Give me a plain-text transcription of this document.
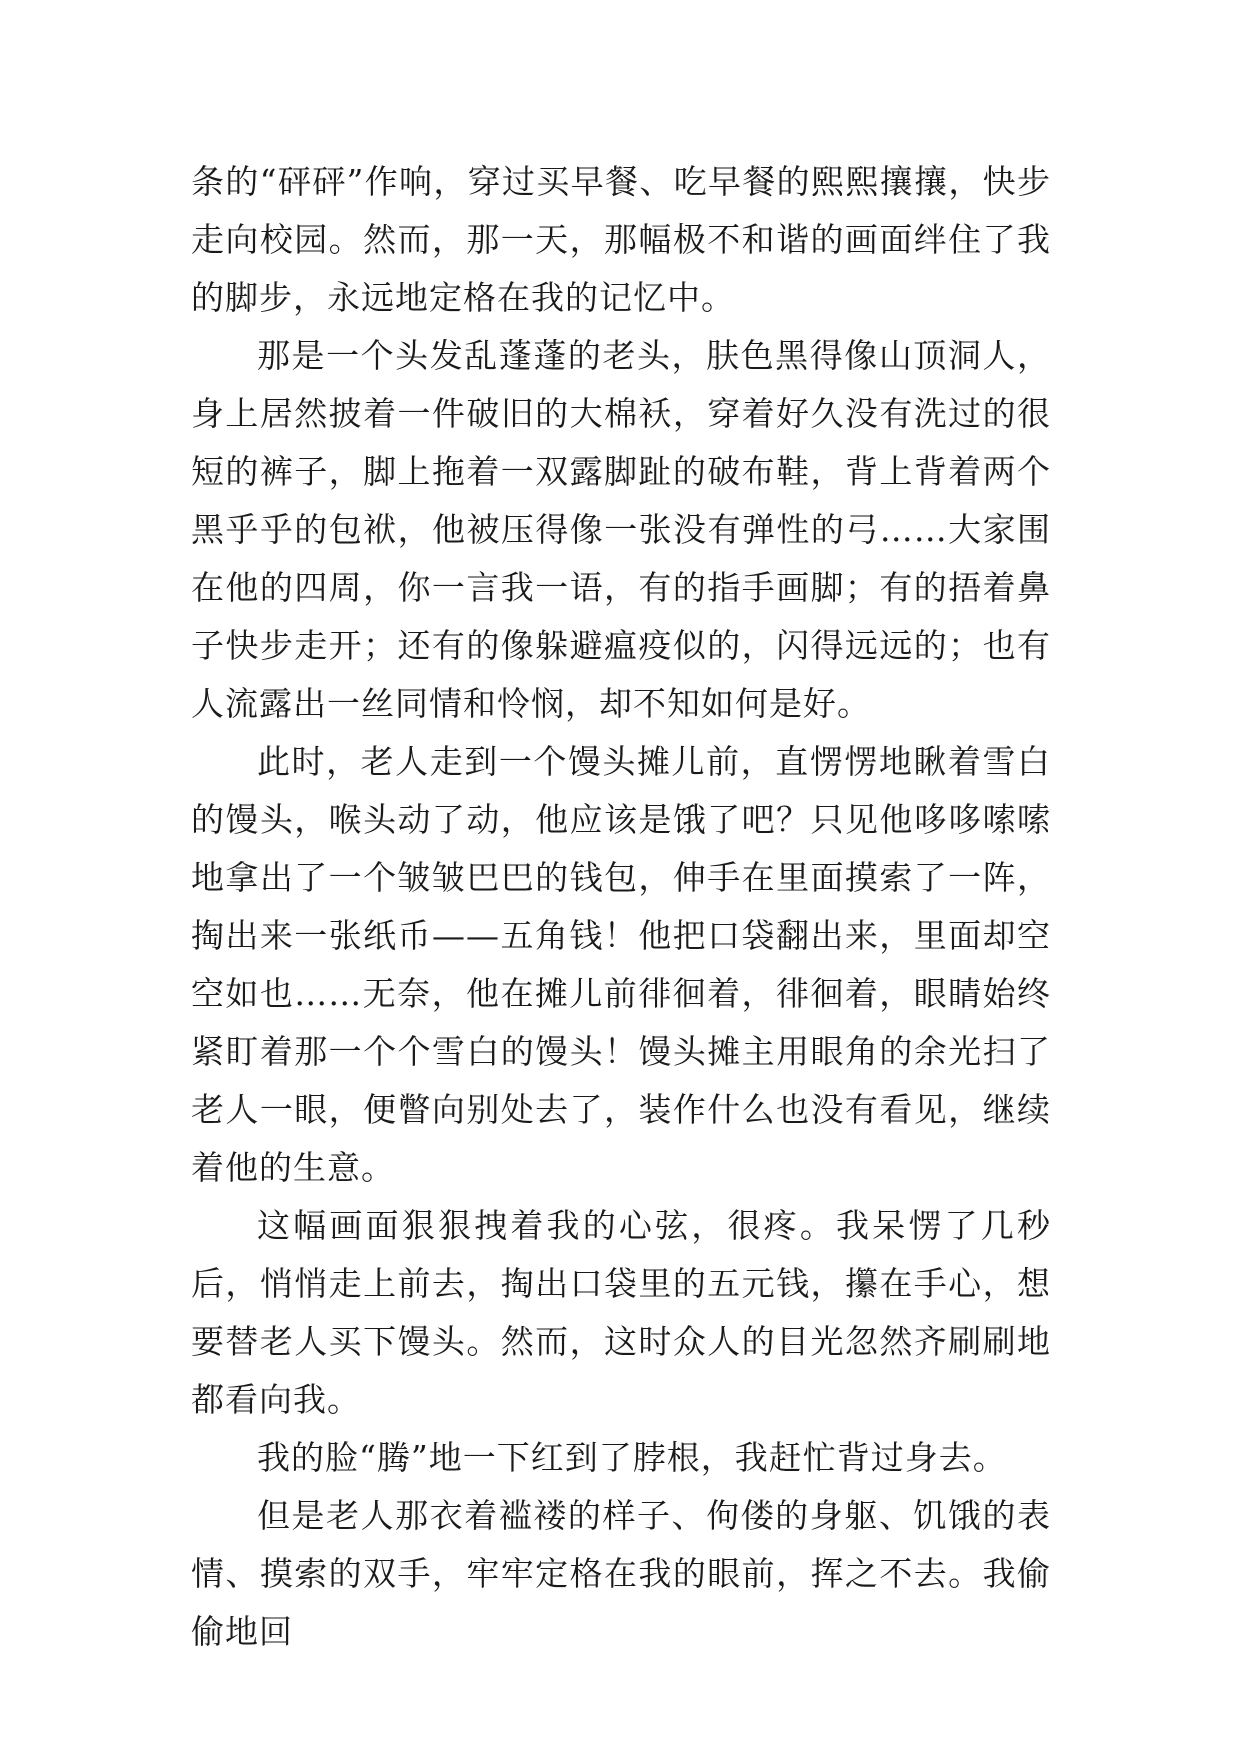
条的“砰砰”作响，穿过买早餐、吃早餐的熙熙攘攘，快步走向校园。然而，那一天，那幅极不和谐的画面绊住了我的脚步，永远地定格在我的记忆中。

那是一个头发乱蓬蓬的老头，肤色黑得像山顶洞人，身上居然披着一件破旧的大棉袄，穿着好久没有洗过的很短的裤子，脚上拖着一双露脚趾的破布鞋，背上背着两个黑乎乎的包袱，他被压得像一张没有弹性的弓……大家围在他的四周，你一言我一语，有的指手画脚；有的捂着鼻子快步走开；还有的像躲避瘟疫似的，闪得远远的；也有人流露出一丝同情和怜悯，却不知如何是好。

此时，老人走到一个馒头摊儿前，直愣愣地瞅着雪白的馒头，喉头动了动，他应该是饿了吧？只见他哆哆嗦嗦地拿出了一个皱皱巴巴的钱包，伸手在里面摸索了一阵，掏出来一张纸币——五角钱！他把口袋翻出来，里面却空空如也……无奈，他在摊儿前徘徊着，徘徊着，眼睛始终紧盯着那一个个雪白的馒头！馒头摊主用眼角的余光扫了老人一眼，便瞥向别处去了，装作什么也没有看见，继续着他的生意。

这幅画面狠狠拽着我的心弦，很疼。我呆愣了几秒后，悄悄走上前去，掏出口袋里的五元钱，攥在手心，想要替老人买下馒头。然而，这时众人的目光忽然齐刷刷地都看向我。

我的脸“腾”地一下红到了脖根，我赶忙背过身去。

但是老人那衣着褴褛的样子、佝偻的身躯、饥饿的表情、摸索的双手，牢牢定格在我的眼前，挥之不去。我偷偷地回
